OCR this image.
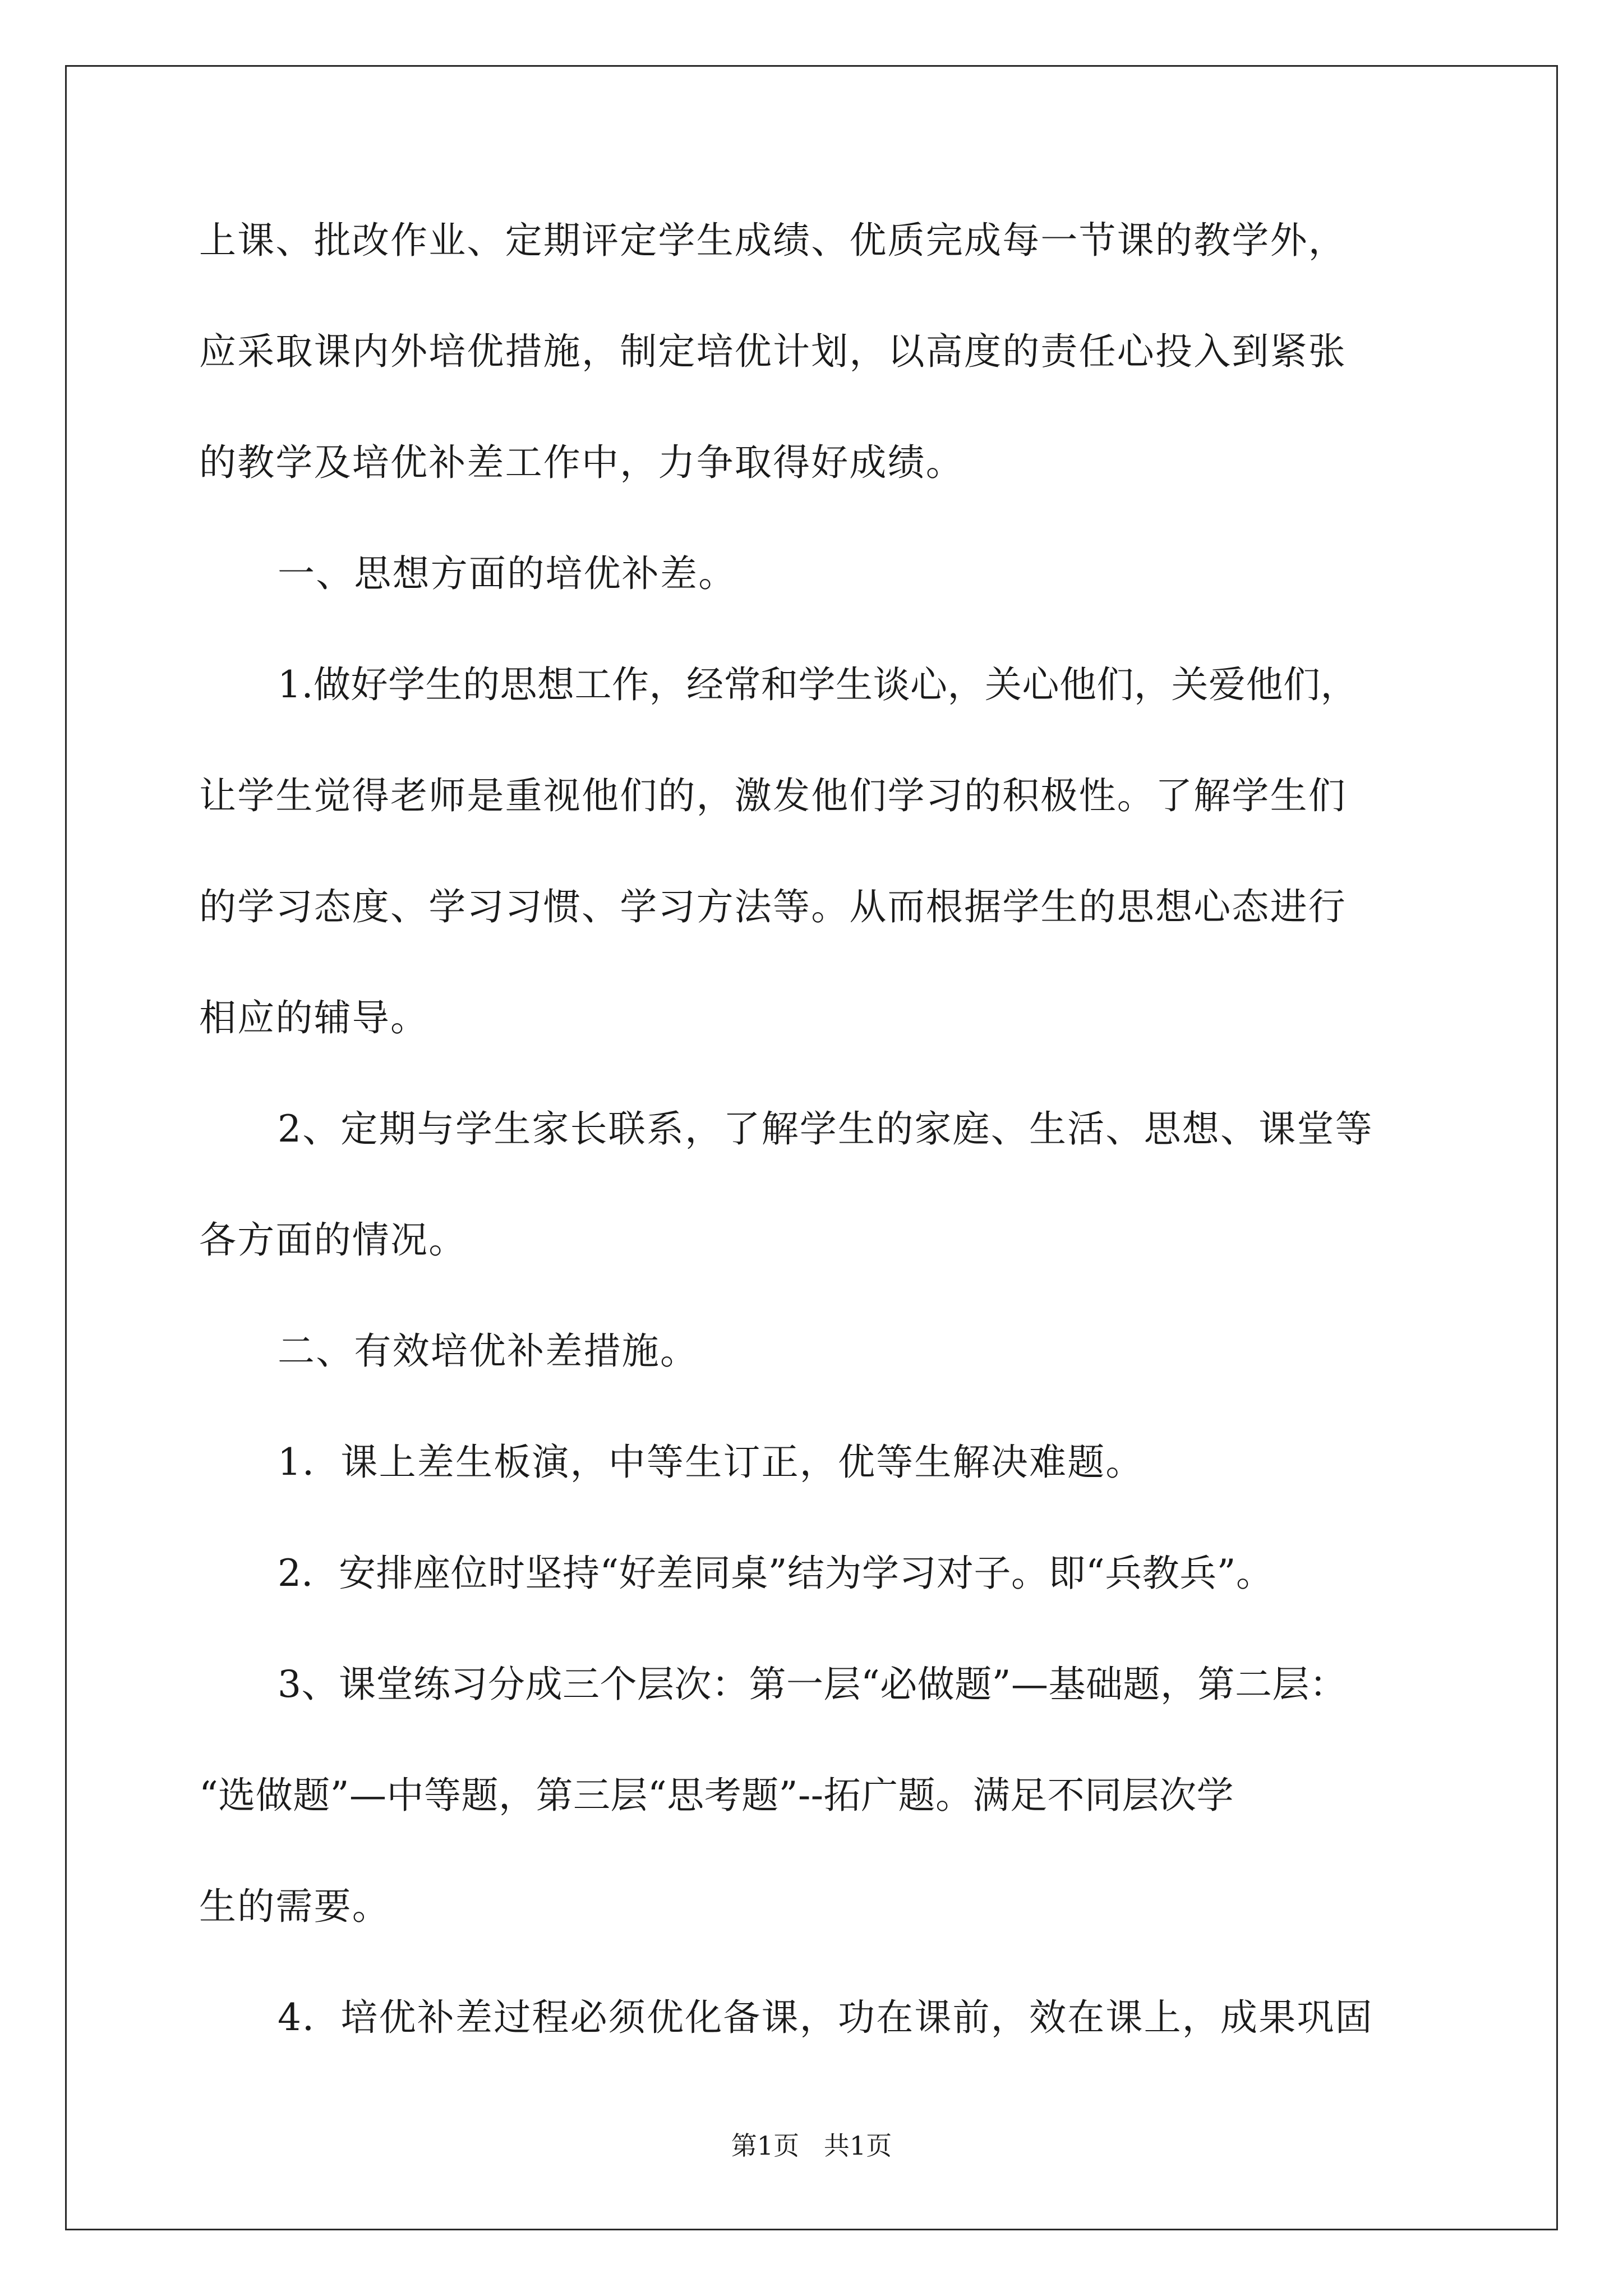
上课、批改作业、定期评定学生成绩、优质完成每一节课的教学外，
应采取课内外培优措施，制定培优计划，以高度的责任心投入到紧张
的教学及培优补差工作中，力争取得好成绩。
一、思想方面的培优补差。
1.做好学生的思想工作，经常和学生谈心，关心他们，关爱他们，
让学生觉得老师是重视他们的，激发他们学习的积极性。了解学生们
的学习态度、学习习惯、学习方法等。从而根据学生的思想心态进行
相应的辅导。
2、定期与学生家长联系，了解学生的家庭、生活、思想、课堂等
各方面的情况。
二、有效培优补差措施。
1．课上差生板演，中等生订正，优等生解决难题。
2．安排座位时坚持“好差同桌”结为学习对子。即“兵教兵”。
3、课堂练习分成三个层次：第一层“必做题”—基础题，第二层：
“选做题”—中等题，第三层“思考题”--拓广题。满足不同层次学
生的需要。
4．培优补差过程必须优化备课，功在课前，效在课上，成果巩固
第1页   共1页
